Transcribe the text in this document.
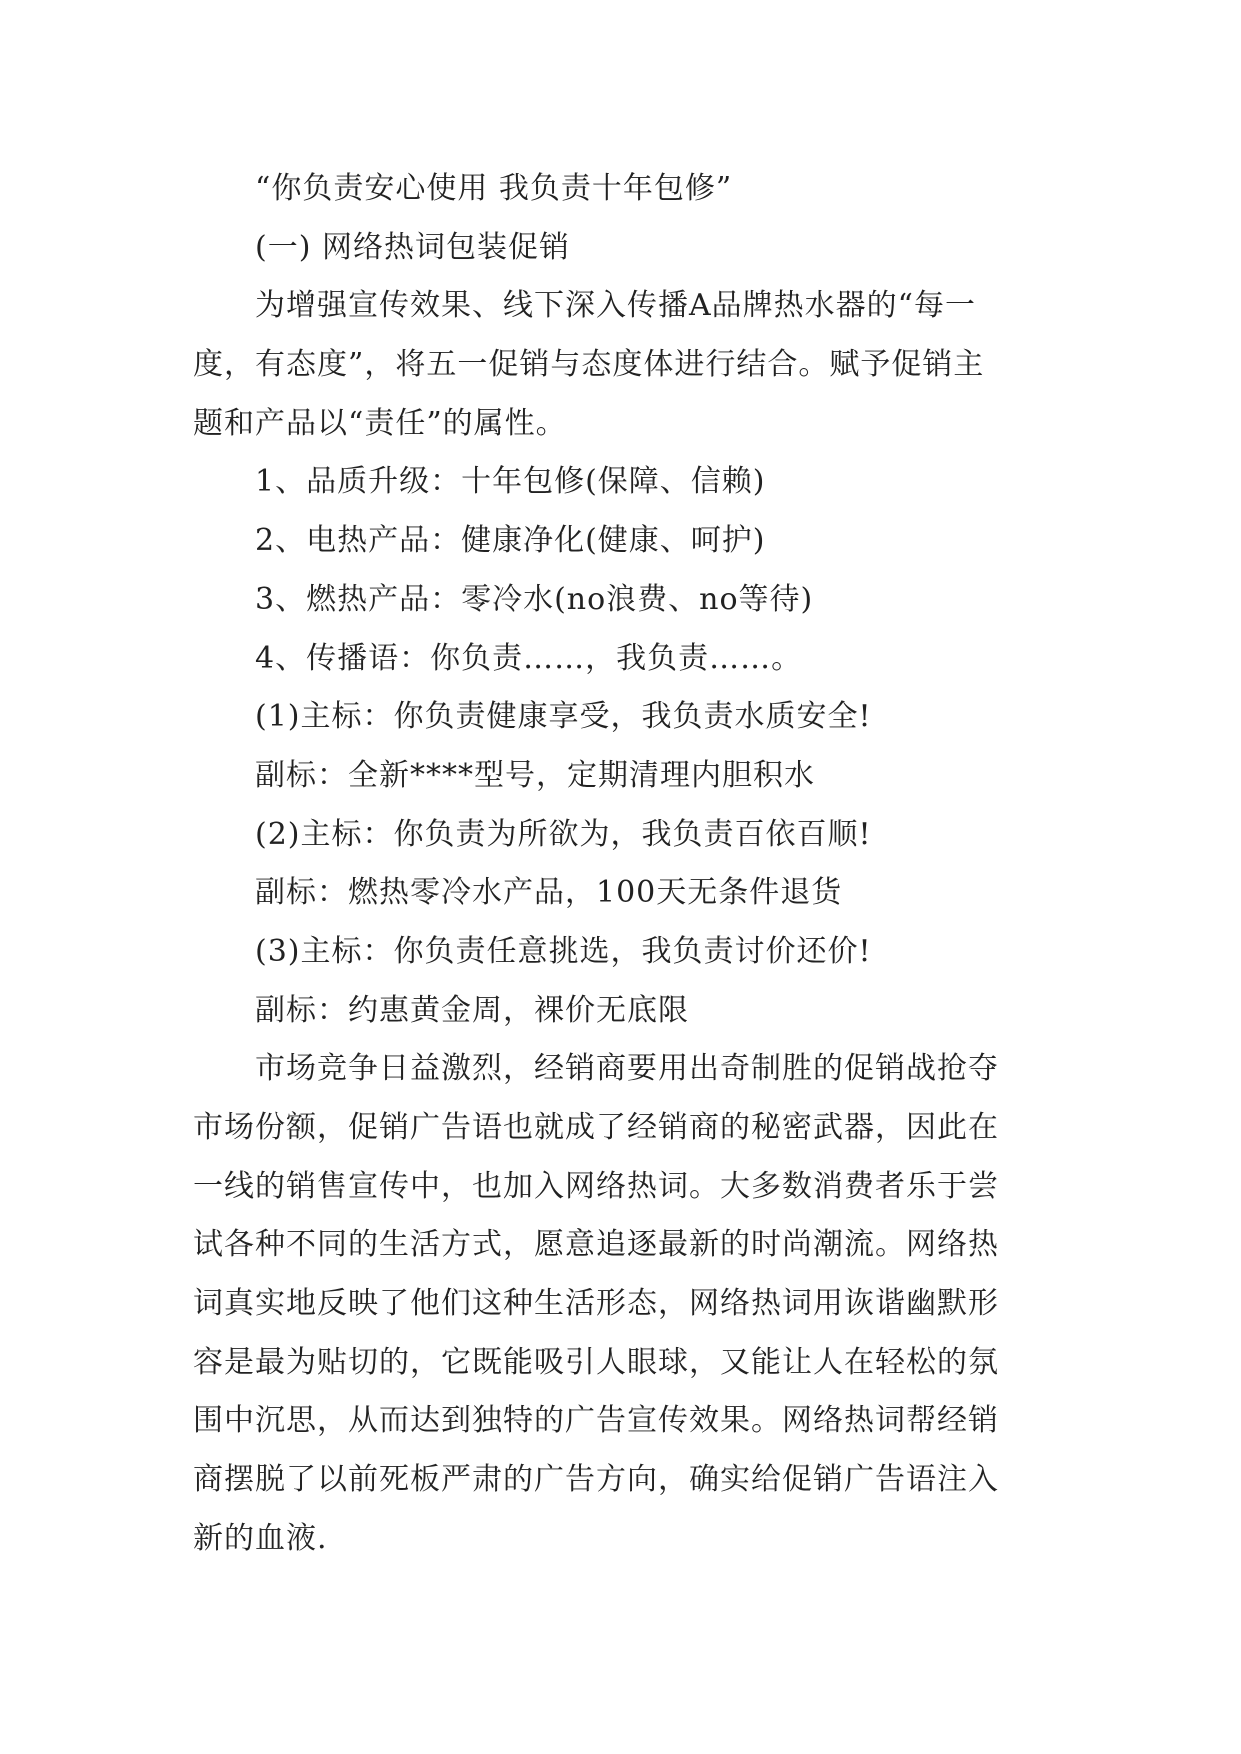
“你负责安心使用 我负责十年包修”
(一) 网络热词包装促销
为增强宣传效果、线下深入传播A品牌热水器的“每一
度，有态度”，将五一促销与态度体进行结合。赋予促销主
题和产品以“责任”的属性。
1、品质升级：十年包修(保障、信赖)
2、电热产品：健康净化(健康、呵护)
3、燃热产品：零冷水(no浪费、no等待)
4、传播语：你负责……，我负责……。
(1)主标：你负责健康享受，我负责水质安全!
副标：全新****型号，定期清理内胆积水
(2)主标：你负责为所欲为，我负责百依百顺!
副标：燃热零冷水产品，100天无条件退货
(3)主标：你负责任意挑选，我负责讨价还价!
副标：约惠黄金周，裸价无底限
市场竞争日益激烈，经销商要用出奇制胜的促销战抢夺
市场份额，促销广告语也就成了经销商的秘密武器，因此在
一线的销售宣传中，也加入网络热词。大多数消费者乐于尝
试各种不同的生活方式，愿意追逐最新的时尚潮流。网络热
词真实地反映了他们这种生活形态，网络热词用诙谐幽默形
容是最为贴切的，它既能吸引人眼球，又能让人在轻松的氛
围中沉思，从而达到独特的广告宣传效果。网络热词帮经销
商摆脱了以前死板严肃的广告方向，确实给促销广告语注入
新的血液.
